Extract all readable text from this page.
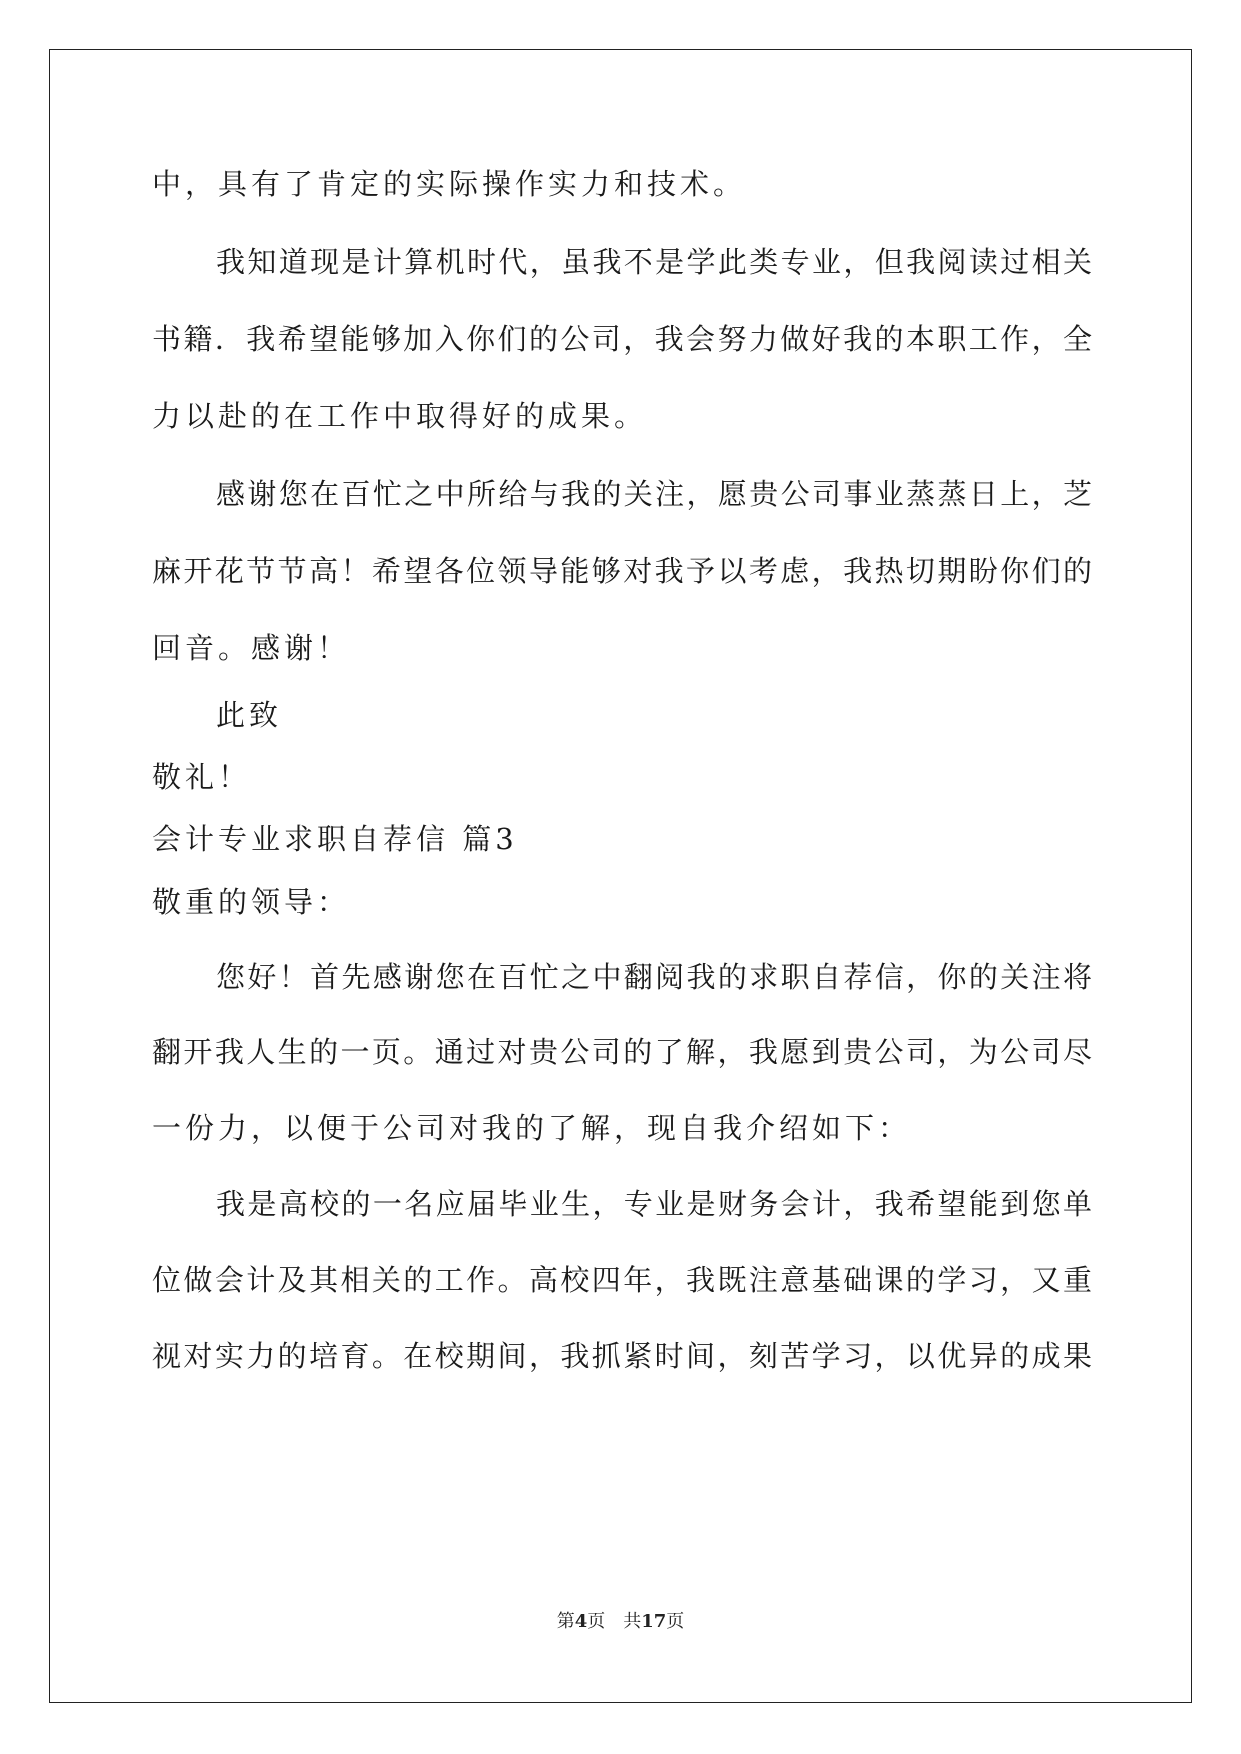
中，具有了肯定的实际操作实力和技术。
我知道现是计算机时代，虽我不是学此类专业，但我阅读过相关
书籍．我希望能够加入你们的公司，我会努力做好我的本职工作，全
力以赴的在工作中取得好的成果。
感谢您在百忙之中所给与我的关注，愿贵公司事业蒸蒸日上，芝
麻开花节节高！希望各位领导能够对我予以考虑，我热切期盼你们的
回音。感谢！
此致
敬礼！
会计专业求职自荐信 篇3
敬重的领导：
您好！首先感谢您在百忙之中翻阅我的求职自荐信，你的关注将
翻开我人生的一页。通过对贵公司的了解，我愿到贵公司，为公司尽
一份力，以便于公司对我的了解，现自我介绍如下：
我是高校的一名应届毕业生，专业是财务会计，我希望能到您单
位做会计及其相关的工作。高校四年，我既注意基础课的学习，又重
视对实力的培育。在校期间，我抓紧时间，刻苦学习，以优异的成果
第4页 共17页
